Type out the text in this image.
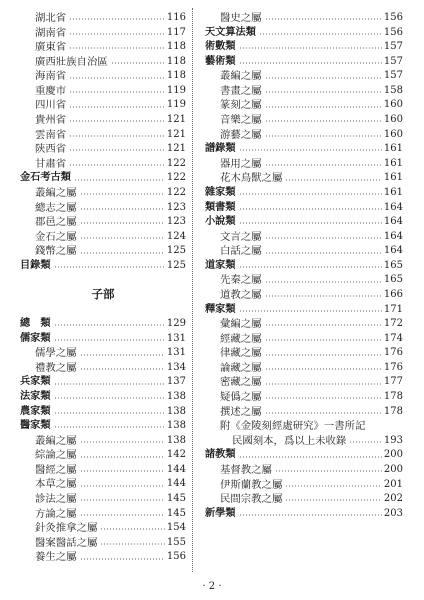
湖北省	116
湖南省	117
廣東省	118
廣西壯族自治區	118
海南省	118
重慶市	119
四川省	119
貴州省	121
雲南省	121
陝西省	121
甘肅省	122
金石考古類	122
叢編之屬	122
總志之屬	123
郡邑之屬	123
金石之屬	124
錢幣之屬	125
目錄類	125
子部
總　類	129
儒家類	131
儒學之屬	131
禮教之屬	134
兵家類	137
法家類	138
農家類	138
醫家類	138
叢編之屬	138
綜論之屬	142
醫經之屬	144
本草之屬	144
診法之屬	145
方論之屬	145
針灸推拿之屬	154
醫案醫話之屬	155
養生之屬	156
醫史之屬	156
天文算法類	156
術數類	157
藝術類	157
叢編之屬	157
書畫之屬	158
篆刻之屬	160
音樂之屬	160
游藝之屬	160
譜錄類	161
器用之屬	161
花木鳥獸之屬	161
雜家類	161
類書類	164
小說類	164
文言之屬	164
白話之屬	164
道家類	165
先秦之屬	165
道教之屬	166
釋家類	171
彙編之屬	172
經藏之屬	174
律藏之屬	176
論藏之屬	176
密藏之屬	177
疑僞之屬	178
撰述之屬	178
附《金陵刻經處研究》一書所記
民國刻本，爲以上未收錄	193
諸教類	200
基督教之屬	200
伊斯蘭教之屬	201
民間宗教之屬	202
新學類	203
· 2 ·
